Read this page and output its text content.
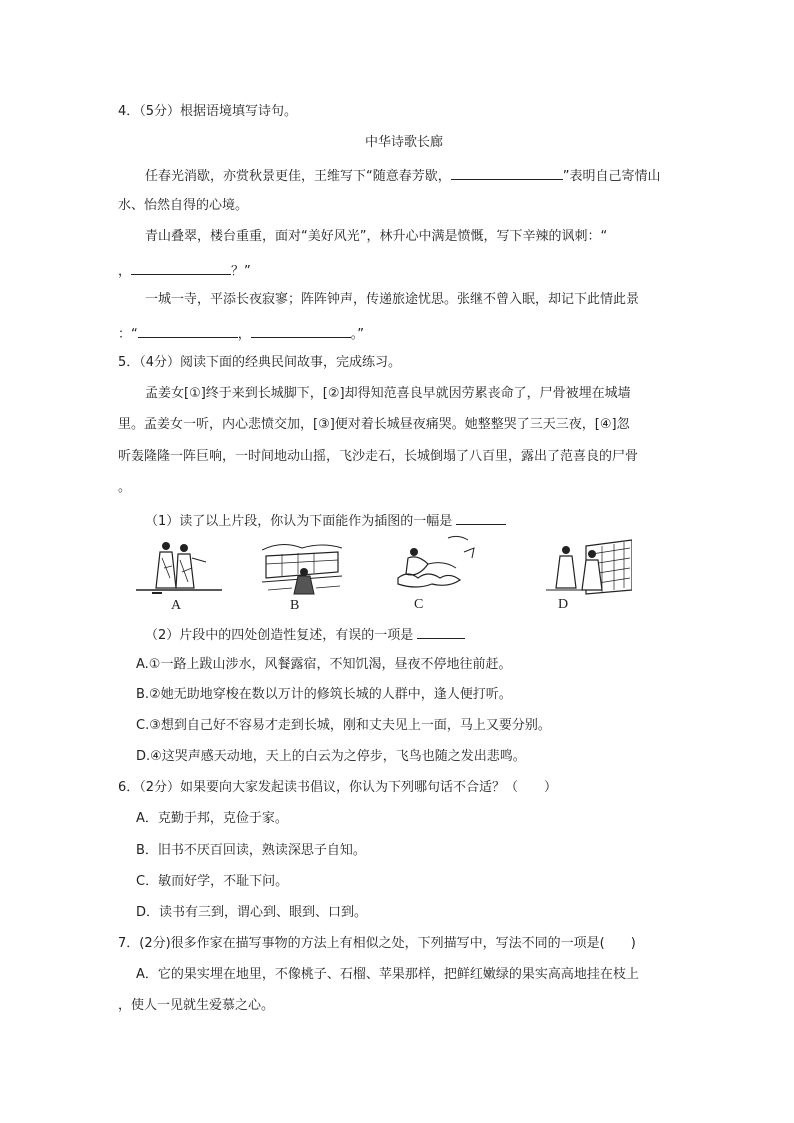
4．（5分）根据语境填写诗句。
中华诗歌长廊
任春光消歇，亦赏秋景更佳，王维写下“随意春芳歇，	”表明自己寄情山
水、怡然自得的心境。
青山叠翠，楼台重重，面对“美好风光”，林升心中满是愤慨，写下辛辣的讽刺：“
，	？”
一城一寺，平添长夜寂寥；阵阵钟声，传递旅途忧思。张继不曾入眠，却记下此情此景
：“	，	。”
5．（4分）阅读下面的经典民间故事，完成练习。
孟姜女[①]终于来到长城脚下，[②]却得知范喜良早就因劳累丧命了，尸骨被埋在城墙
里。孟姜女一听，内心悲愤交加，[③]便对着长城昼夜痛哭。她整整哭了三天三夜，[④]忽
听轰隆隆一阵巨响，一时间地动山摇，飞沙走石，长城倒塌了八百里，露出了范喜良的尸骨
。
（1）读了以上片段，你认为下面能作为插图的一幅是
A	B	C	D
（2）片段中的四处创造性复述，有误的一项是
A.①一路上跋山涉水，风餐露宿，不知饥渴，昼夜不停地往前赶。
B.②她无助地穿梭在数以万计的修筑长城的人群中，逢人便打听。
C.③想到自己好不容易才走到长城，刚和丈夫见上一面，马上又要分别。
D.④这哭声感天动地，天上的白云为之停步，飞鸟也随之发出悲鸣。
6．（2分）如果要向大家发起读书倡议，你认为下列哪句话不合适？（　　）
A．克勤于邦，克俭于家。
B．旧书不厌百回读，熟读深思子自知。
C．敏而好学，不耻下问。
D．读书有三到，谓心到、眼到、口到。
7．(2分)很多作家在描写事物的方法上有相似之处，下列描写中，写法不同的一项是(　　)
A．它的果实埋在地里，不像桃子、石榴、苹果那样，把鲜红嫩绿的果实高高地挂在枝上
，使人一见就生爱慕之心。
